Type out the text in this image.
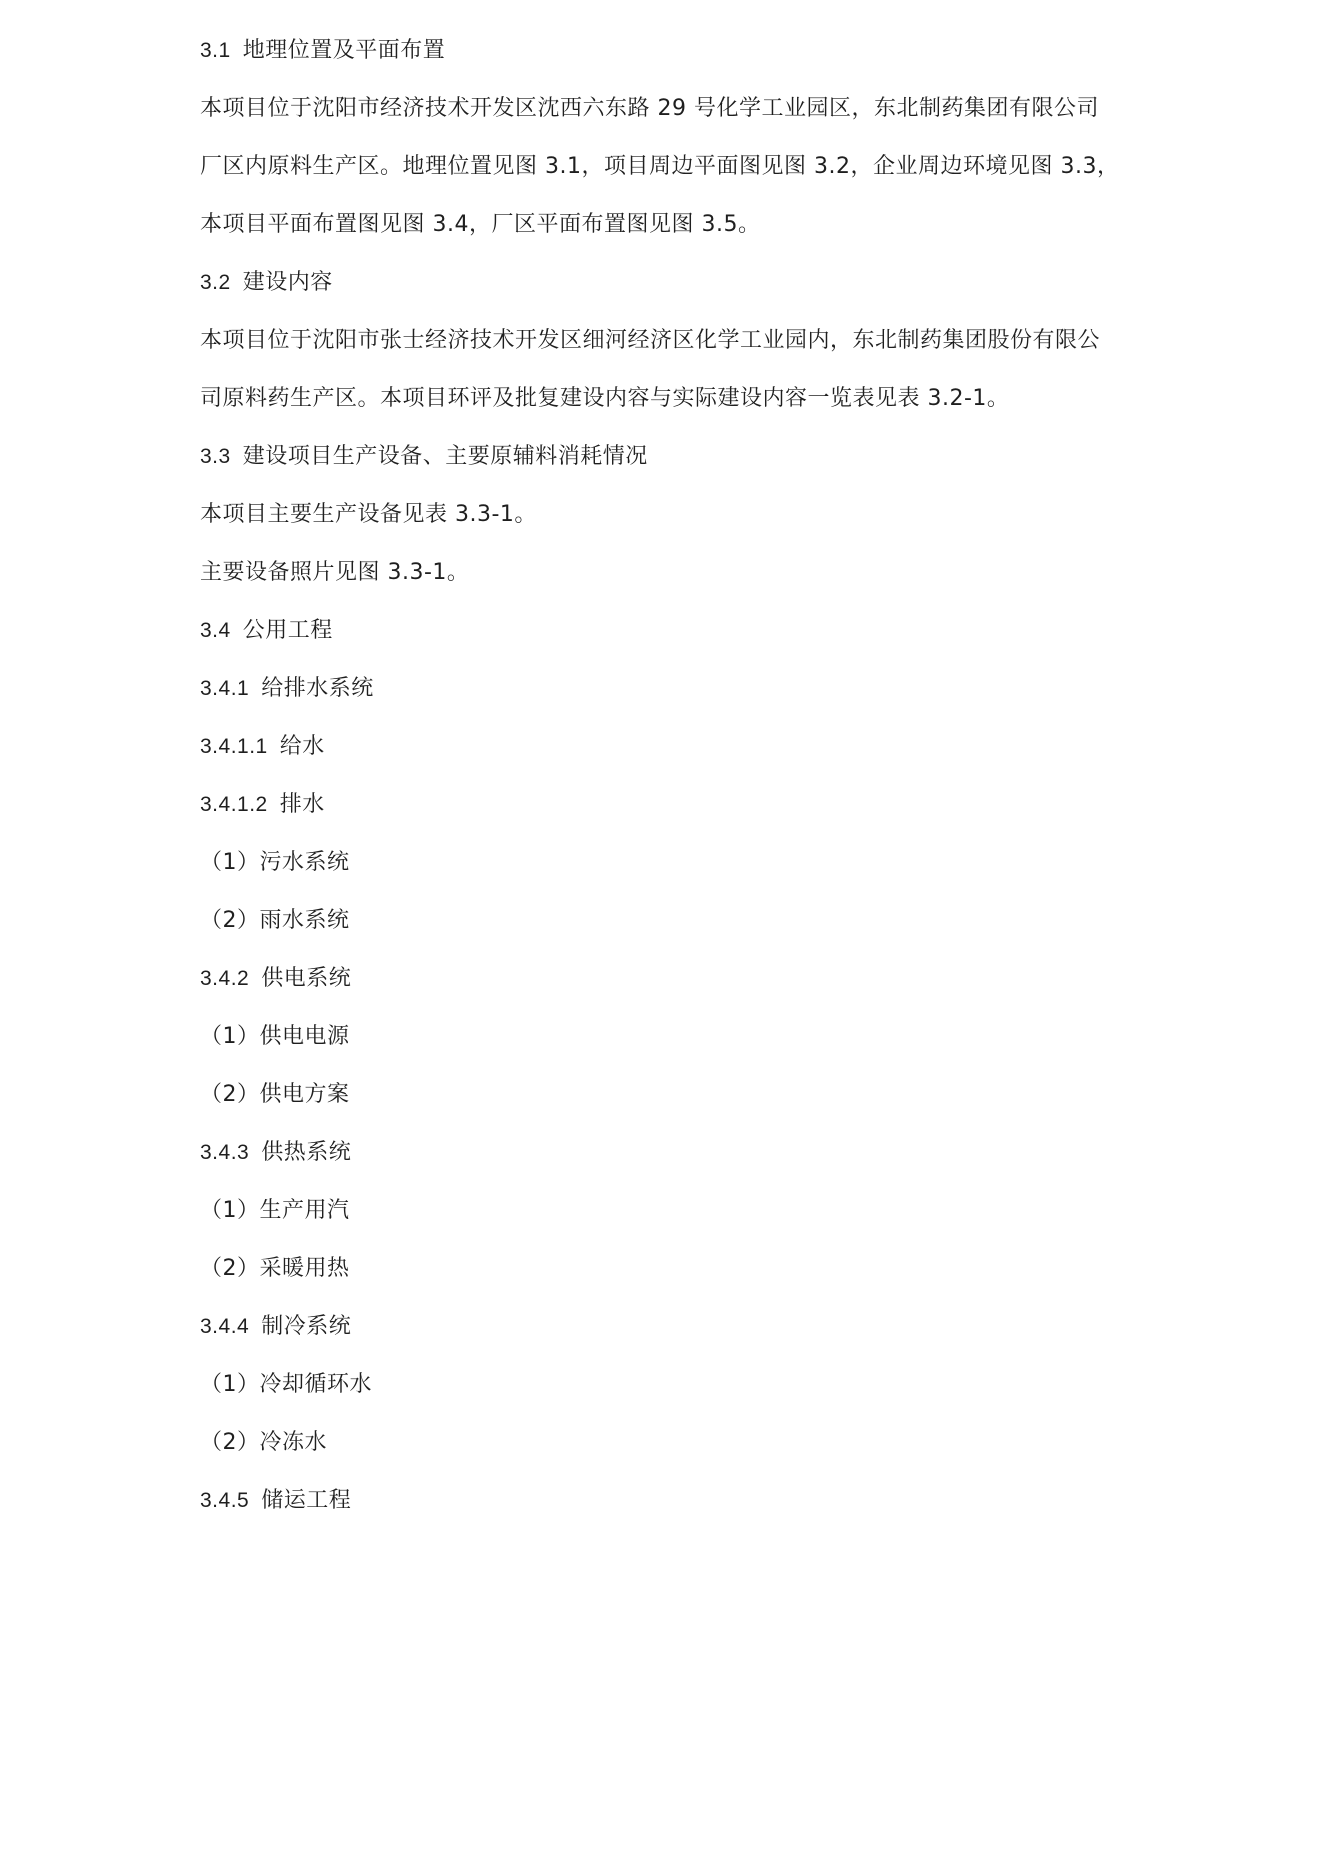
3.1 地理位置及平面布置
本项目位于沈阳市经济技术开发区沈西六东路 29 号化学工业园区，东北制药集团有限公司
厂区内原料生产区。地理位置见图 3.1，项目周边平面图见图 3.2，企业周边环境见图 3.3，
本项目平面布置图见图 3.4，厂区平面布置图见图 3.5。
3.2 建设内容
本项目位于沈阳市张士经济技术开发区细河经济区化学工业园内，东北制药集团股份有限公
司原料药生产区。本项目环评及批复建设内容与实际建设内容一览表见表 3.2-1。
3.3 建设项目生产设备、主要原辅料消耗情况
本项目主要生产设备见表 3.3-1。
主要设备照片见图 3.3-1。
3.4 公用工程
3.4.1 给排水系统
3.4.1.1 给水
3.4.1.2 排水
（1）污水系统
（2）雨水系统
3.4.2 供电系统
（1）供电电源
（2）供电方案
3.4.3 供热系统
（1）生产用汽
（2）采暖用热
3.4.4 制冷系统
（1）冷却循环水
（2）冷冻水
3.4.5 储运工程
